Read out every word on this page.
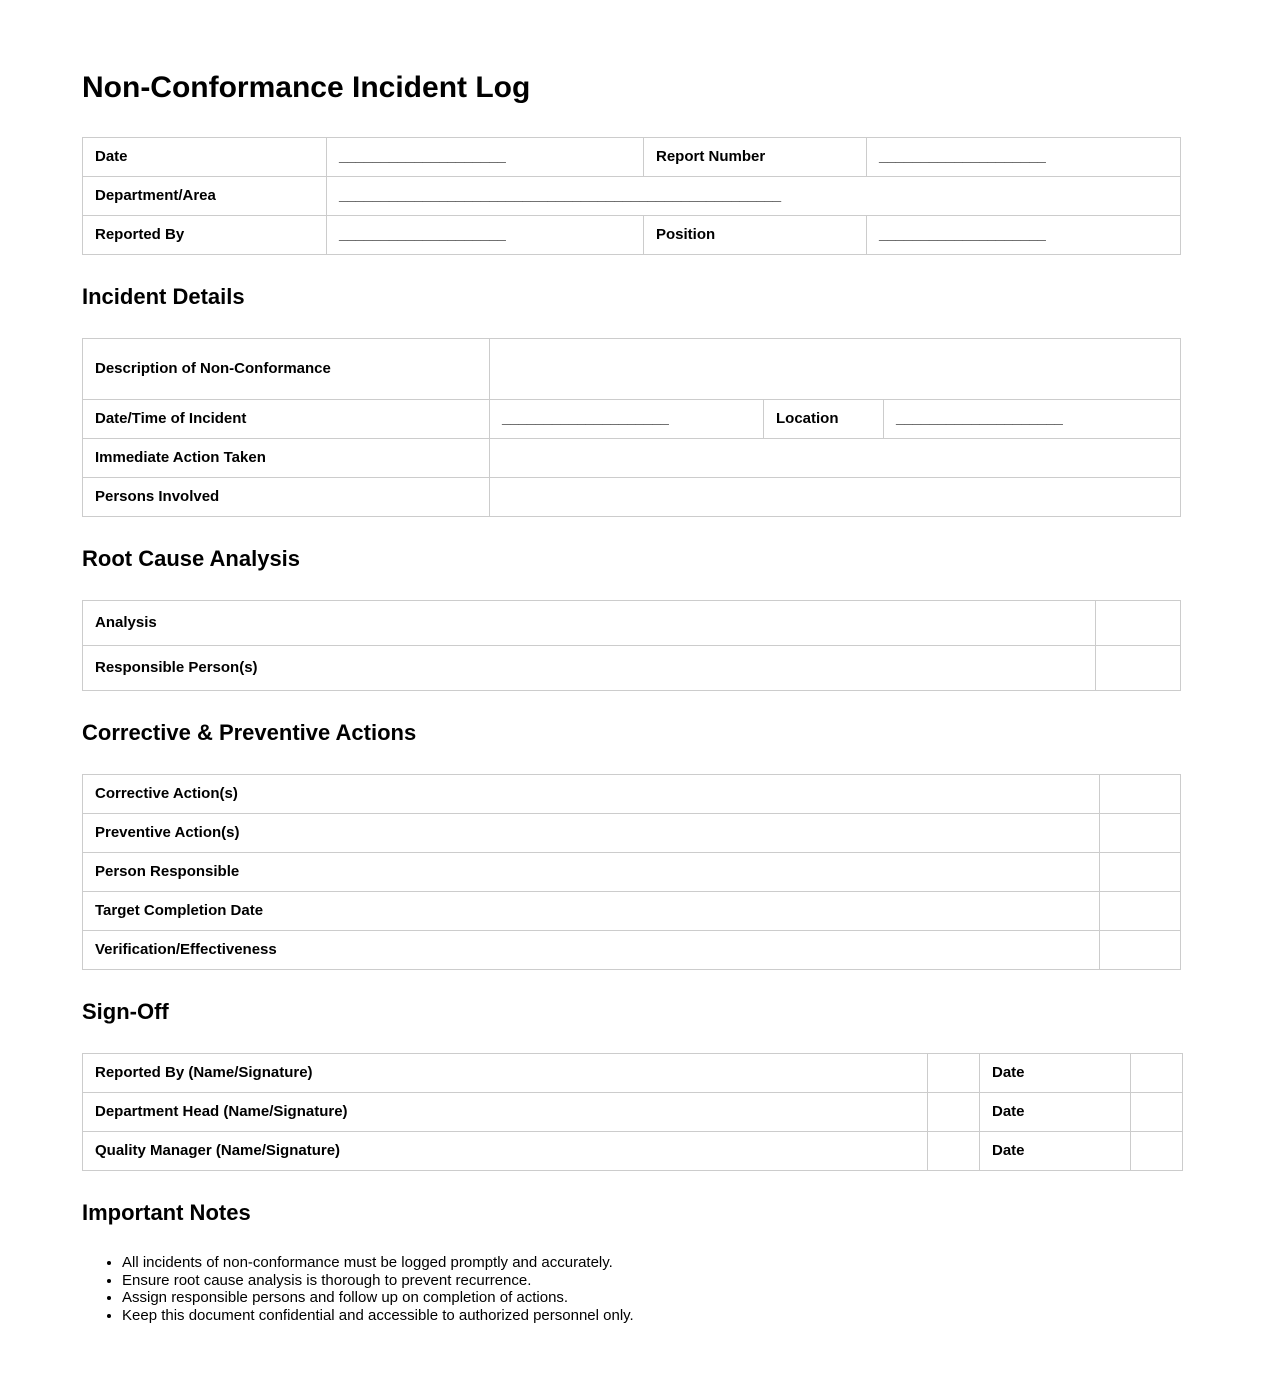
Non-Conformance Incident Log
Date	____________________	Report Number	____________________
Department/Area	_____________________________________________________		
Reported By	____________________	Position	____________________
Incident Details
Description of Non-Conformance			
Date/Time of Incident	____________________	Location	____________________
Immediate Action Taken			
Persons Involved			
Root Cause Analysis
Analysis	
Responsible Person(s)	
Corrective & Preventive Actions
Corrective Action(s)	
Preventive Action(s)	
Person Responsible	
Target Completion Date	
Verification/Effectiveness	
Sign-Off
Reported By (Name/Signature)		Date	
Department Head (Name/Signature)		Date	
Quality Manager (Name/Signature)		Date	
Important Notes
• All incidents of non-conformance must be logged promptly and accurately.
• Ensure root cause analysis is thorough to prevent recurrence.
• Assign responsible persons and follow up on completion of actions.
• Keep this document confidential and accessible to authorized personnel only.
